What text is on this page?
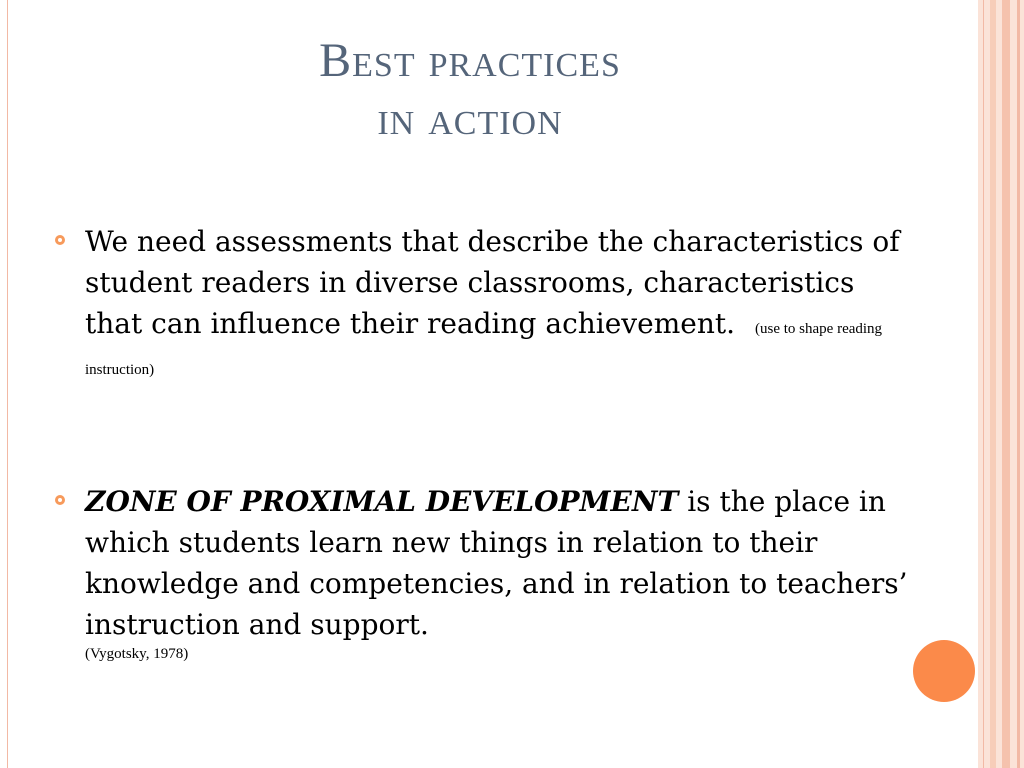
Best practices
in action
We need assessments that describe the characteristics of student readers in diverse classrooms, characteristics that can influence their reading achievement. (use to shape reading instruction)
ZONE OF PROXIMAL DEVELOPMENT is the place in which students learn new things in relation to their knowledge and competencies, and in relation to teachers’ instruction and support.
(Vygotsky, 1978)
